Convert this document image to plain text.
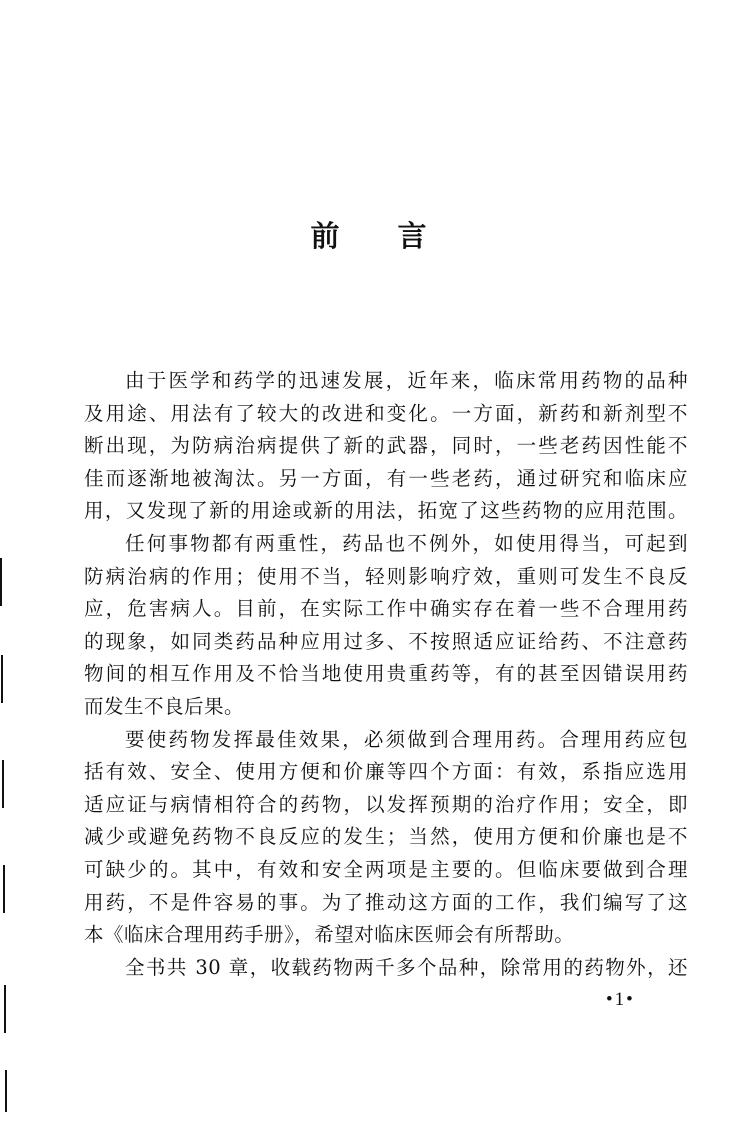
前 言
由于医学和药学的迅速发展，近年来，临床常用药物的品种
及用途、用法有了较大的改进和变化。一方面，新药和新剂型不
断出现，为防病治病提供了新的武器，同时，一些老药因性能不
佳而逐渐地被淘汰。另一方面，有一些老药，通过研究和临床应
用，又发现了新的用途或新的用法，拓宽了这些药物的应用范围。
任何事物都有两重性，药品也不例外，如使用得当，可起到
防病治病的作用；使用不当，轻则影响疗效，重则可发生不良反
应，危害病人。目前，在实际工作中确实存在着一些不合理用药
的现象，如同类药品种应用过多、不按照适应证给药、不注意药
物间的相互作用及不恰当地使用贵重药等，有的甚至因错误用药
而发生不良后果。
要使药物发挥最佳效果，必须做到合理用药。合理用药应包
括有效、安全、使用方便和价廉等四个方面：有效，系指应选用
适应证与病情相符合的药物，以发挥预期的治疗作用；安全，即
减少或避免药物不良反应的发生；当然，使用方便和价廉也是不
可缺少的。其中，有效和安全两项是主要的。但临床要做到合理
用药，不是件容易的事。为了推动这方面的工作，我们编写了这
本《临床合理用药手册》，希望对临床医师会有所帮助。
全书共 30 章，收载药物两千多个品种，除常用的药物外，还
•1•
